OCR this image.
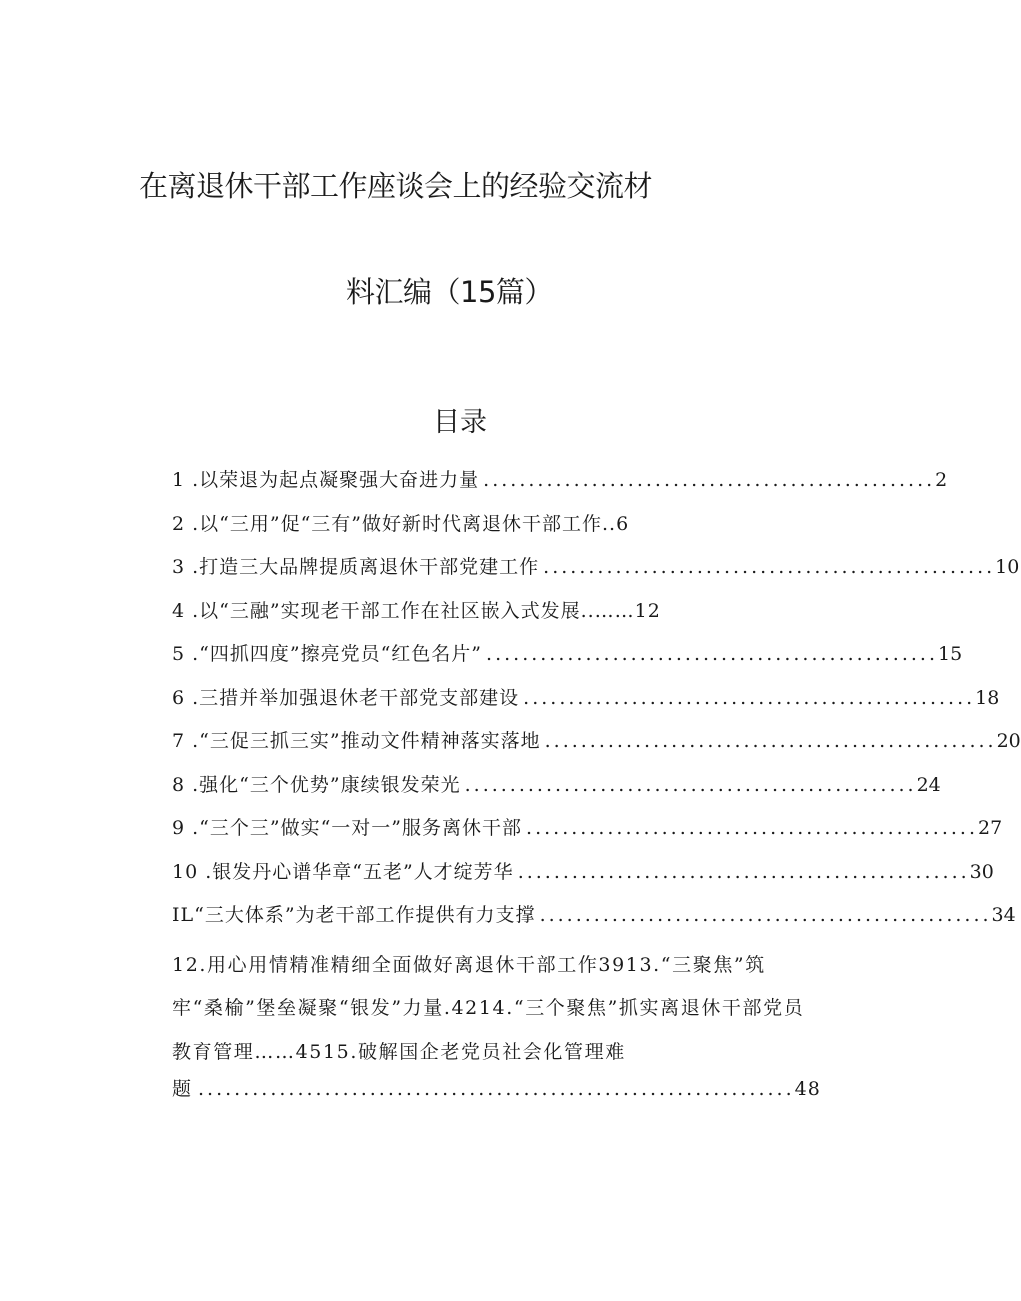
在离退休干部工作座谈会上的经验交流材
料汇编（15篇）
目录
1 .以荣退为起点凝聚强大奋进力量 .................................................. 2
2 .以“三用”促“三有”做好新时代离退休干部工作..6
3 .打造三大品牌提质离退休干部党建工作 .................................................. 10
4 .以“三融”实现老干部工作在社区嵌入式发展..……12
5 .“四抓四度”擦亮党员“红色名片” .................................................. 15
6 .三措并举加强退休老干部党支部建设 .................................................. 18
7 .“三促三抓三实”推动文件精神落实落地 .................................................. 20
8 .强化“三个优势”康续银发荣光 .................................................. 24
9 .“三个三”做实“一对一”服务离休干部 .................................................. 27
10 .银发丹心谱华章“五老”人才绽芳华 .................................................. 30
IL“三大体系”为老干部工作提供有力支撑 .................................................. 34
12.用心用情精准精细全面做好离退休干部工作3913.“三聚焦”筑牢“桑榆”堡垒凝聚“银发”力量.4214.“三个聚焦”抓实离退休干部党员教育管理……4515.破解国企老党员社会化管理难
题 .................................................................. 48
